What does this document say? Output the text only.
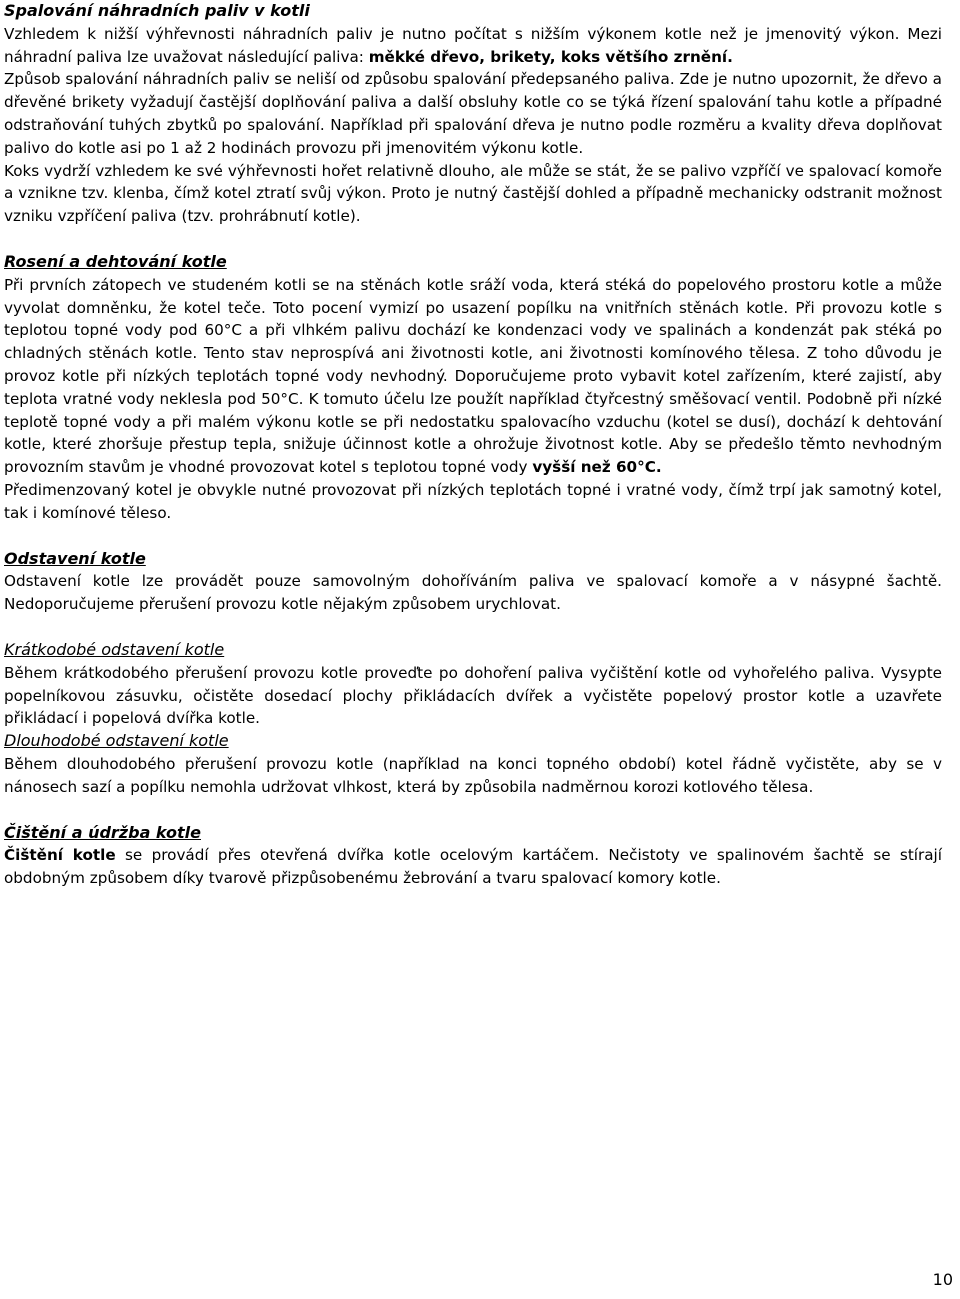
Spalování náhradních paliv v kotli

Vzhledem k nižší výhřevnosti náhradních paliv je nutno počítat s nižším výkonem kotle než je jmenovitý výkon. Mezi náhradní paliva lze uvažovat následující paliva: měkké dřevo, brikety, koks většího zrnění.

Způsob spalování náhradních paliv se neliší od způsobu spalování předepsaného paliva. Zde je nutno upozornit, že dřevo a dřevěné brikety vyžadují častější doplňování paliva a další obsluhy kotle co se týká řízení spalování tahu kotle a případné odstraňování tuhých zbytků po spalování. Například při spalování dřeva je nutno podle rozměru a kvality dřeva doplňovat palivo do kotle asi po 1 až 2 hodinách provozu při jmenovitém výkonu kotle.

Koks vydrží vzhledem ke své výhřevnosti hořet relativně dlouho, ale může se stát, že se palivo vzpříčí ve spalovací komoře a vznikne tzv. klenba, čímž kotel ztratí svůj výkon. Proto je nutný častější dohled a případně mechanicky odstranit možnost vzniku vzpříčení paliva (tzv. prohrábnutí kotle).

Rosení a dehtování kotle

Při prvních zátopech ve studeném kotli se na stěnách kotle sráží voda, která stéká do popelového prostoru kotle a může vyvolat domněnku, že kotel teče. Toto pocení vymizí po usazení popílku na vnitřních stěnách kotle. Při provozu kotle s teplotou topné vody pod 60°C a při vlhkém palivu dochází ke kondenzaci vody ve spalinách a kondenzát pak stéká po chladných stěnách kotle. Tento stav neprospívá ani životnosti kotle, ani životnosti komínového tělesa. Z toho důvodu je provoz kotle při nízkých teplotách topné vody nevhodný. Doporučujeme proto vybavit kotel zařízením, které zajistí, aby teplota vratné vody neklesla pod 50°C. K tomuto účelu lze použít například čtyřcestný směšovací ventil. Podobně při nízké teplotě topné vody a při malém výkonu kotle se při nedostatku spalovacího vzduchu (kotel se dusí), dochází k dehtování kotle, které zhoršuje přestup tepla, snižuje účinnost kotle a ohrožuje životnost kotle. Aby se předešlo těmto nevhodným provozním stavům je vhodné provozovat kotel s teplotou topné vody vyšší než 60°C.

Předimenzovaný kotel je obvykle nutné provozovat při nízkých teplotách topné i vratné vody, čímž trpí jak samotný kotel, tak i komínové těleso.

Odstavení kotle

Odstavení kotle lze provádět pouze samovolným dohoříváním paliva ve spalovací komoře a v násypné šachtě. Nedoporučujeme přerušení provozu kotle nějakým způsobem urychlovat.

Krátkodobé odstavení kotle

Během krátkodobého přerušení provozu kotle proveďte po dohoření paliva vyčištění kotle od vyhořelého paliva. Vysypte popelníkovou zásuvku, očistěte dosedací plochy přikládacích dvířek a vyčistěte popelový prostor kotle a uzavřete přikládací i popelová dvířka kotle.

Dlouhodobé odstavení kotle

Během dlouhodobého přerušení provozu kotle (například na konci topného období) kotel řádně vyčistěte, aby se v nánosech sazí a popílku nemohla udržovat vlhkost, která by způsobila nadměrnou korozi kotlového tělesa.

Čištění a údržba kotle

Čištění kotle se provádí přes otevřená dvířka kotle ocelovým kartáčem. Nečistoty ve spalinovém šachtě se stírají obdobným způsobem díky tvarově přizpůsobenému žebrování a tvaru spalovací komory kotle.

10
